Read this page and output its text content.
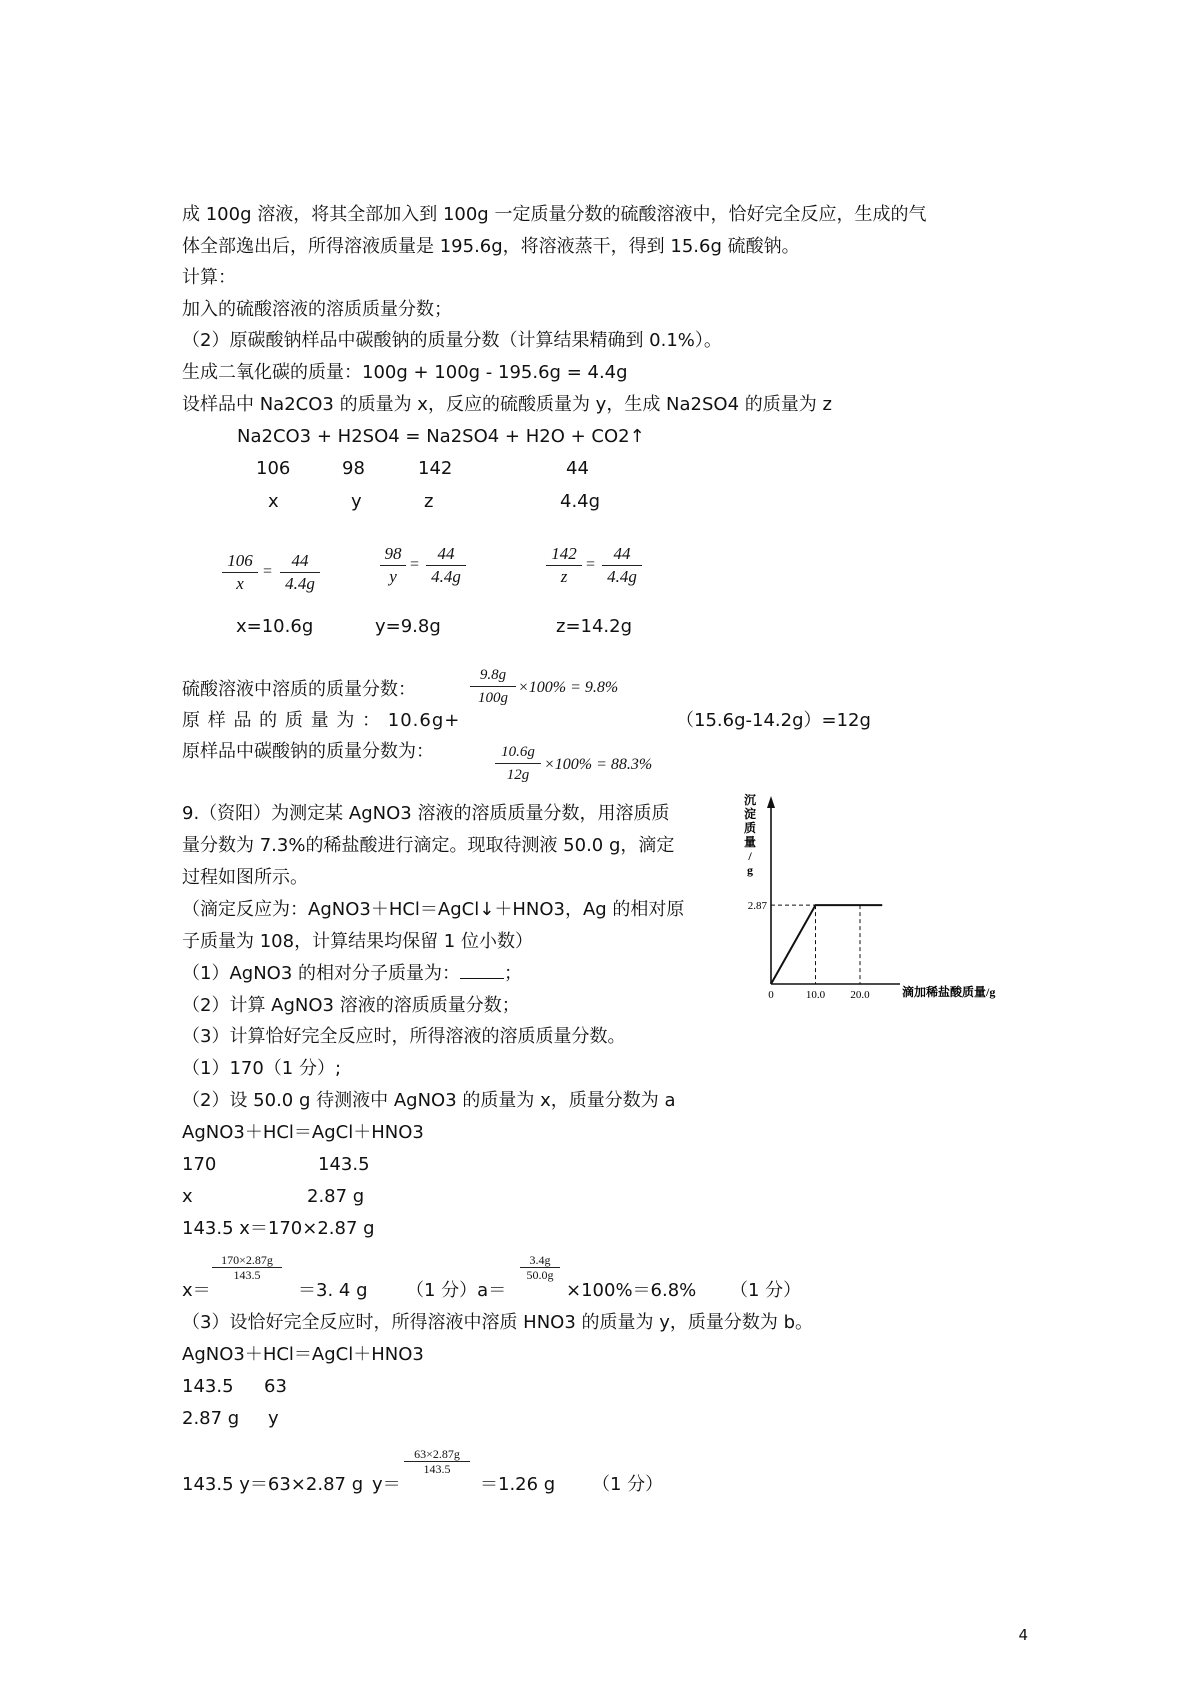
成 100g 溶液，将其全部加入到 100g 一定质量分数的硫酸溶液中，恰好完全反应，生成的气
体全部逸出后，所得溶液质量是 195.6g，将溶液蒸干，得到 15.6g 硫酸钠。
计算：
加入的硫酸溶液的溶质质量分数；
（2）原碳酸钠样品中碳酸钠的质量分数（计算结果精确到 0.1%）。
生成二氧化碳的质量：100g + 100g - 195.6g = 4.4g
设样品中 Na2CO3 的质量为 x，反应的硫酸质量为 y，生成 Na2SO4 的质量为 z
Na2CO3 + H2SO4 = Na2SO4 + H2O + CO2↑
106	98	142	44
x	y	z	4.4g
106
x
=
44
4.4g
98
y
=
44
4.4g
142
z
=
44
4.4g
x=10.6g	y=9.8g	z=14.2g
硫酸溶液中溶质的质量分数：
9.8g
100g
×100% = 9.8%
原 样 品 的 质 量 为 ： 10.6g+	（15.6g-14.2g）=12g
原样品中碳酸钠的质量分数为：	10.6g
12g
×100% = 88.3%
9.（资阳）为测定某 AgNO3 溶液的溶质质量分数，用溶质质
量分数为 7.3%的稀盐酸进行滴定。现取待测液 50.0 g，滴定
过程如图所示。
（滴定反应为：AgNO3＋HCl＝AgCl↓＋HNO3，Ag 的相对原
子质量为 108，计算结果均保留 1 位小数）
（1）AgNO3 的相对分子质量为： ；
（2）计算 AgNO3 溶液的溶质质量分数；
（3）计算恰好完全反应时，所得溶液的溶质质量分数。
沉淀质量/ g
滴加稀盐酸质量/g
2.87
0	10.0 20.0
（1）170（1 分）;
（2）设 50.0 g 待测液中 AgNO3 的质量为 x，质量分数为 a
AgNO3＋HCl＝AgCl＋HNO3
170	143.5
x	2.87 g
143.5 x＝170×2.87 g
x＝
170×2.87g
143.5
＝3. 4 g （1 分）a＝
3.4g
50.0g
×100%＝6.8% （1 分）
（3）设恰好完全反应时，所得溶液中溶质 HNO3 的质量为 y，质量分数为 b。
AgNO3＋HCl＝AgCl＋HNO3
143.5 63
2.87 g y
143.5 y＝63×2.87 g y＝
63×2.87g
143.5
＝1.26 g （1 分）
4
